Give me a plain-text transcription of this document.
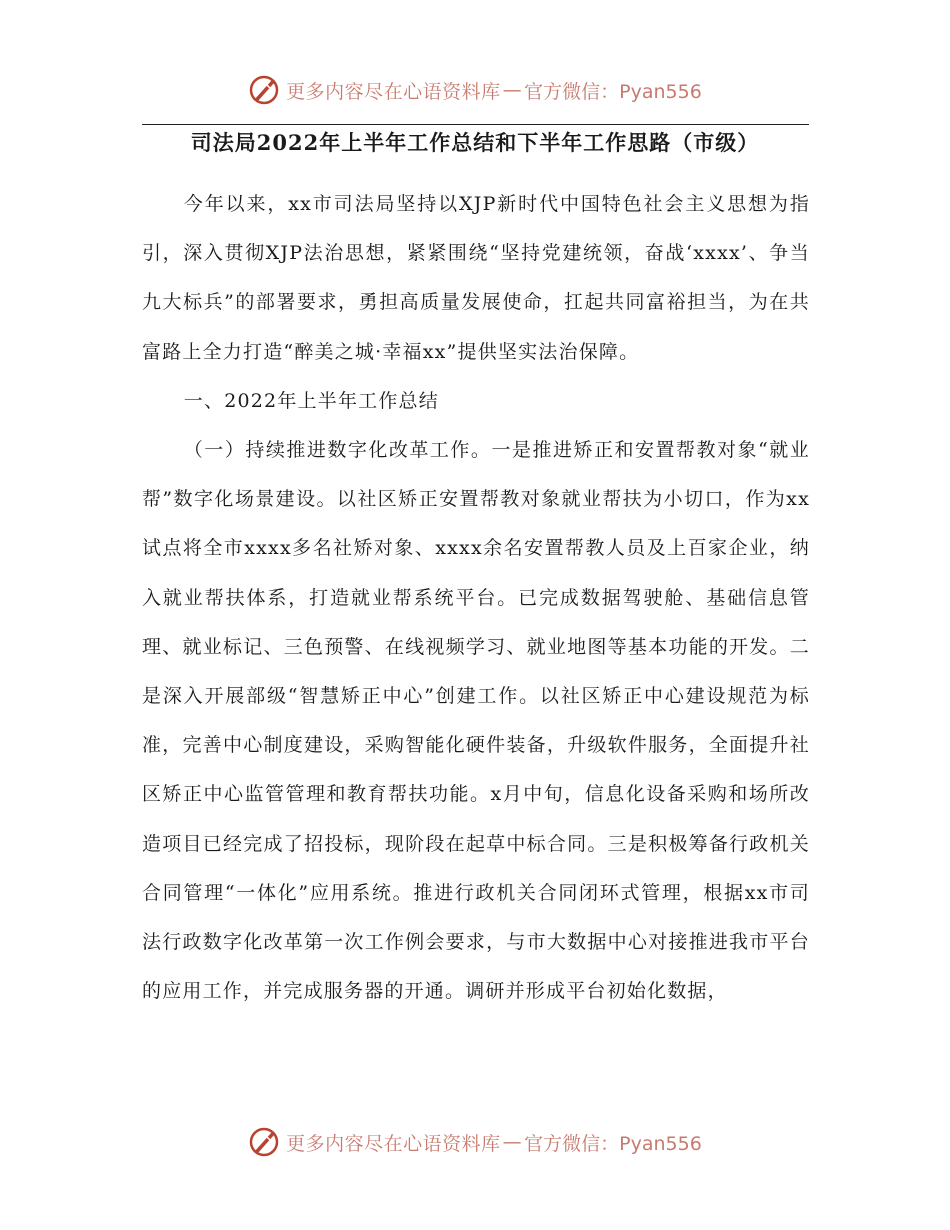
更多内容尽在心语资料库 — 官方微信：Pyan556
司法局2022年上半年工作总结和下半年工作思路（市级）

今年以来，xx市司法局坚持以XJP新时代中国特色社会主义思想为指引，深入贯彻XJP法治思想，紧紧围绕“坚持党建统领，奋战‘xxxx’、争当九大标兵”的部署要求，勇担高质量发展使命，扛起共同富裕担当，为在共富路上全力打造“醉美之城·幸福xx”提供坚实法治保障。

一、2022年上半年工作总结

（一）持续推进数字化改革工作。一是推进矫正和安置帮教对象“就业帮”数字化场景建设。以社区矫正安置帮教对象就业帮扶为小切口，作为xx试点将全市xxxx多名社矫对象、xxxx余名安置帮教人员及上百家企业，纳入就业帮扶体系，打造就业帮系统平台。已完成数据驾驶舱、基础信息管理、就业标记、三色预警、在线视频学习、就业地图等基本功能的开发。二是深入开展部级“智慧矫正中心”创建工作。以社区矫正中心建设规范为标准，完善中心制度建设，采购智能化硬件装备，升级软件服务，全面提升社区矫正中心监管管理和教育帮扶功能。x月中旬，信息化设备采购和场所改造项目已经完成了招投标，现阶段在起草中标合同。三是积极筹备行政机关合同管理“一体化”应用系统。推进行政机关合同闭环式管理，根据xx市司法行政数字化改革第一次工作例会要求，与市大数据中心对接推进我市平台的应用工作，并完成服务器的开通。调研并形成平台初始化数据，

更多内容尽在心语资料库 — 官方微信：Pyan556
